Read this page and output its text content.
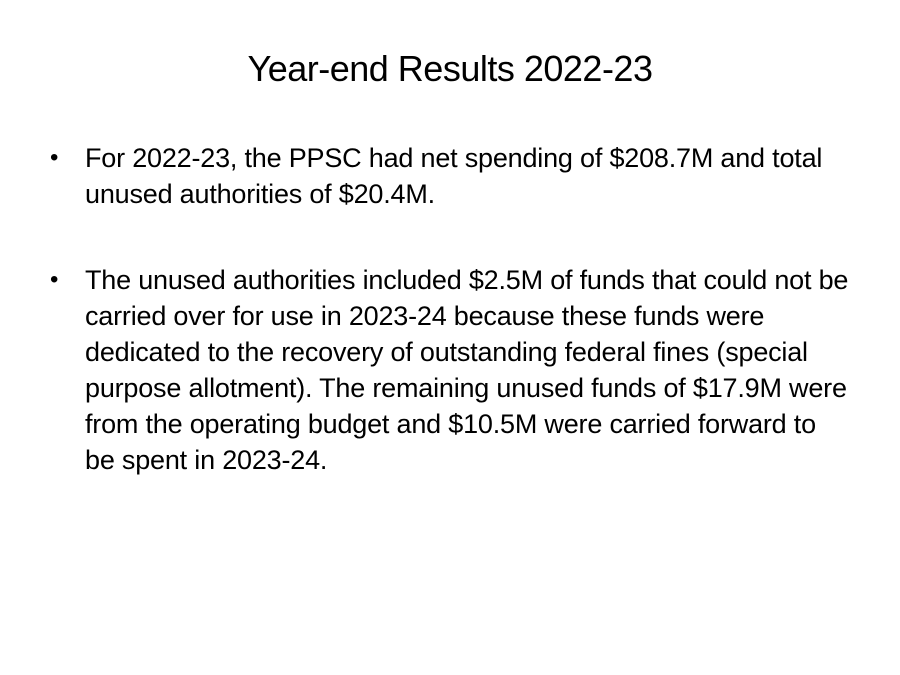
Year-end Results 2022-23
• For 2022-23, the PPSC had net spending of $208.7M and total unused authorities of $20.4M.
• The unused authorities included $2.5M of funds that could not be carried over for use in 2023-24 because these funds were dedicated to the recovery of outstanding federal fines (special purpose allotment). The remaining unused funds of $17.9M were from the operating budget and $10.5M were carried forward to be spent in 2023-24.
